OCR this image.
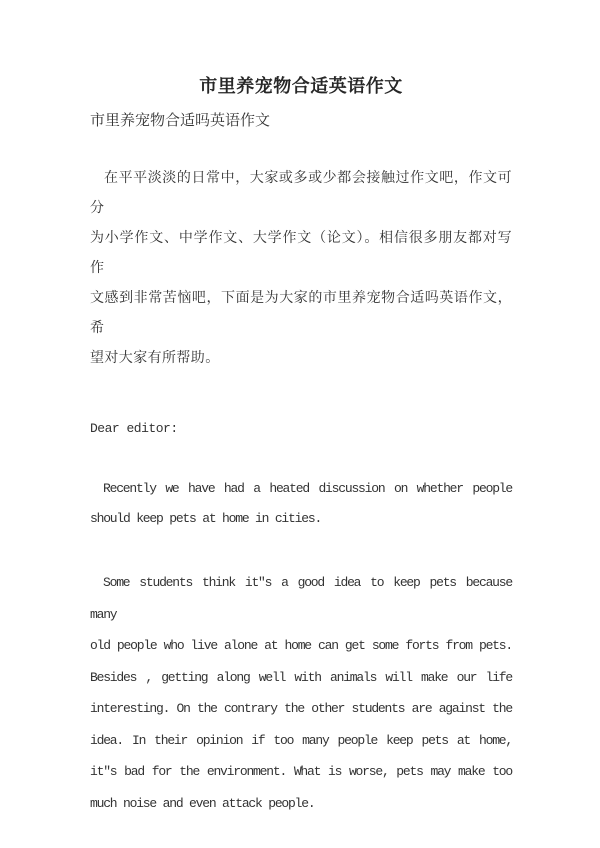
市里养宠物合适英语作文
市里养宠物合适吗英语作文
在平平淡淡的日常中，大家或多或少都会接触过作文吧，作文可分
为小学作文、中学作文、大学作文（论文）。相信很多朋友都对写作
文感到非常苦恼吧，下面是为大家的市里养宠物合适吗英语作文，希
望对大家有所帮助。
Dear editor:
Recently we have had a heated discussion on whether people
should keep pets at home in cities.
Some students think it″s a good idea to keep pets because many
old people who live alone at home can get some forts from pets.
Besides , getting along well with animals will make our life
interesting. On the contrary the other students are against the
idea. In their opinion if too many people keep pets at home,
it″s bad for the environment. What is worse, pets may make too
much noise and even attack people.
